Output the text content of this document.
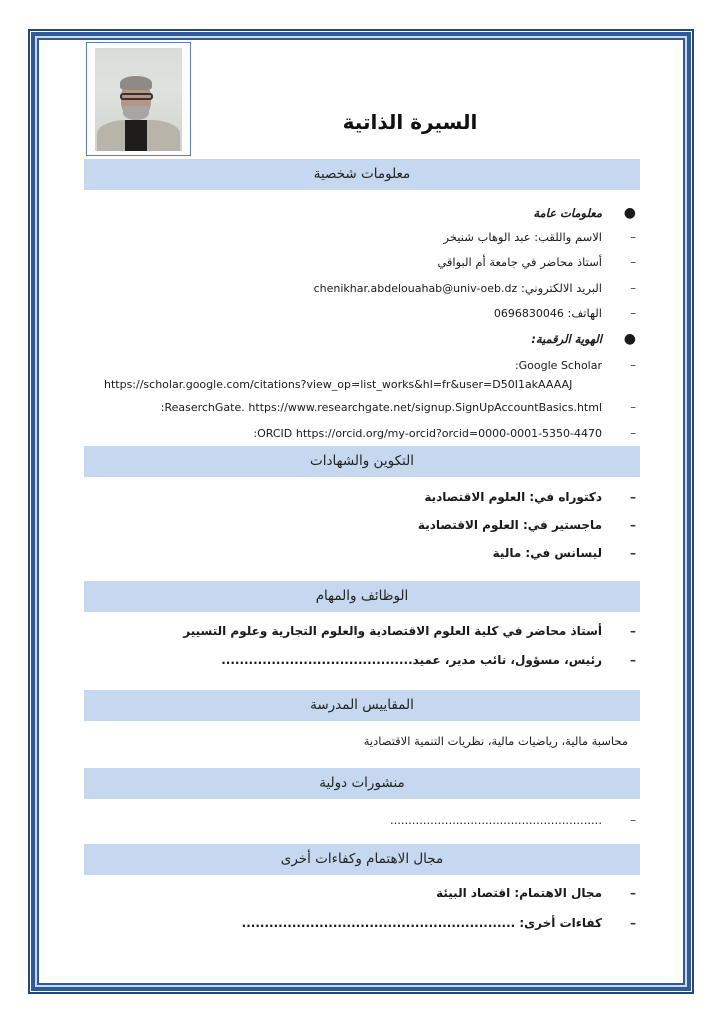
السيرة الذاتية
معلومات شخصية
●معلومات عامة
–الاسم واللقب: عبد الوهاب شنيخر
–أستاذ محاضر في جامعة أم البواقي
–البريد الالكتروني: chenikhar.abdelouahab@univ-oeb.dz
–الهاتف: 0696830046
●الهوية الرقمية:
–:Google Scholar
https://scholar.google.com/citations?view_op=list_works&hl=fr&user=D50I1akAAAAJ
–:ReaserchGate. https://www.researchgate.net/signup.SignUpAccountBasics.html
–:ORCID https://orcid.org/my-orcid?orcid=0000-0001-5350-4470
التكوين والشهادات
–دكتوراه في: العلوم الاقتصادية
–ماجستير في: العلوم الاقتصادية
–ليسانس في: مالية
الوظائف والمهام
–أستاذ محاضر في كلية العلوم الاقتصادية والعلوم التجارية وعلوم التسيير
–رئيس، مسؤول، نائب مدير، عميد..........................................
المقاييس المدرسة
محاسبة مالية، رياضيات مالية، نظريات التنمية الاقتصادية
منشورات دولية
–..........................................................
مجال الاهتمام وكفاءات أخرى
–مجال الاهتمام: اقتصاد البيئة
–كفاءات أخرى: ............................................................
